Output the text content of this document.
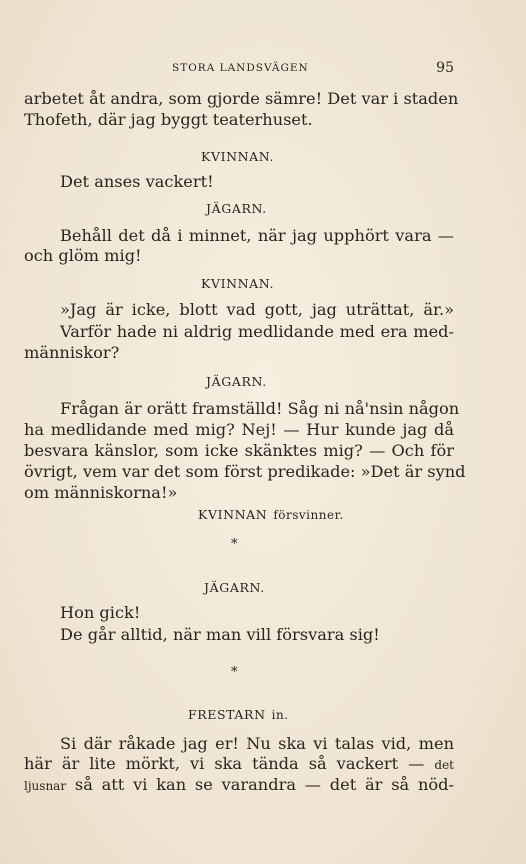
STORA LANDSVÄGEN	95
arbetet åt andra, som gjorde sämre! Det var i staden
Thofeth, där jag byggt teaterhuset.
KVINNAN.
Det anses vackert!
JÄGARN.
Behåll det då i minnet, när jag upphört vara —
och glöm mig!
KVINNAN.
»Jag är icke, blott vad gott, jag uträttat, är.»
Varför hade ni aldrig medlidande med era med-
människor?
JÄGARN.
Frågan är orätt framställd! Såg ni nå'nsin någon
ha medlidande med mig? Nej! — Hur kunde jag då
besvara känslor, som icke skänktes mig? — Och för
övrigt, vem var det som först predikade: »Det är synd
om människorna!»
KVINNAN försvinner.
*
JÄGARN.
Hon gick!
De går alltid, när man vill försvara sig!
*
FRESTARN in.
Si där råkade jag er! Nu ska vi talas vid, men
här är lite mörkt, vi ska tända så vackert — det
ljusnar så att vi kan se varandra — det är så nöd-
